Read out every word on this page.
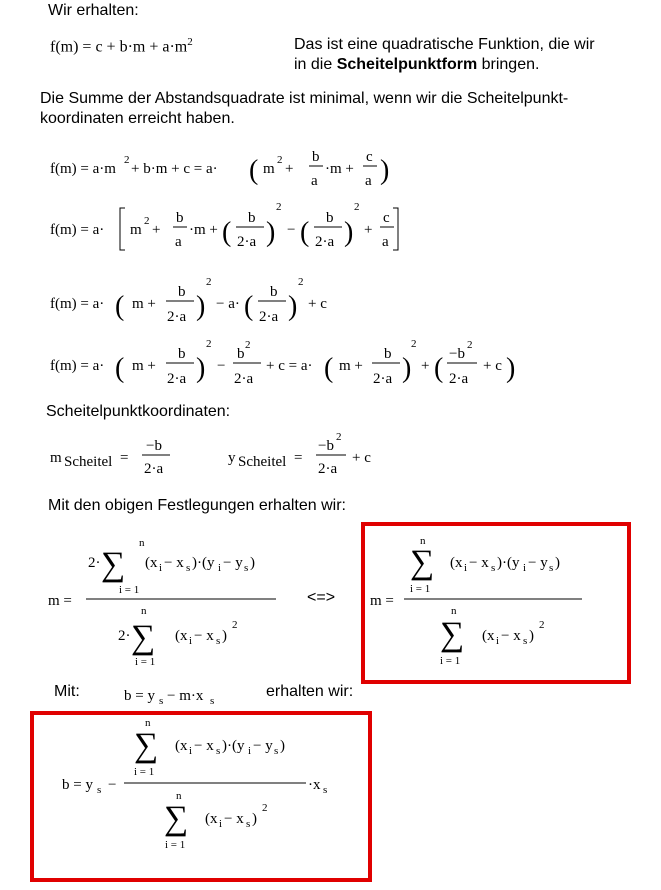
Wir erhalten:
$f(m) = c + b\cdot m + a\cdot m^2$	Das ist eine quadratische Funktion, die wir
in die Scheitelpunktform bringen.
Die Summe der Abstandsquadrate ist minimal, wenn wir die Scheitelpunkt-
koordinaten erreicht haben.
Scheitelpunktkoordinaten:
Mit den obigen Festlegungen erhalten wir:
<=>
Mit:	erhalten wir:
f(m) = a·m
2
+ b·m + c = a· ( m
2
+
b
a
·m +
c
a )
f(m) = a· m
2
+
b
a
·m + ( b
2·a )
2
− ( b
2·a )
2
+
c
a
f(m) = a· ( m +
b
2·a )
2
− a· ( b
2·a )
2
+ c
f(m) = a· ( m +
b
2·a )
2
−
b
2
2·a
+ c = a· ( m +
b
2·a )
2
+ ( −b
2
2·a
+ c )
m Scheitel =
−b
2·a
y Scheitel =
−b
2
2·a
+ c
m =
n
2· ∑
i = 1
(x i − x s )·(y i − y s )
n
2· ∑
i = 1
(x i − x s )
2
m =
n
∑
i = 1
(x i − x s )·(y i − y s )
n
∑
i = 1
(x i − x s )
2
b = y s − m·x s
b = y s −
n
∑
i = 1
(x i − x s )·(y i − y s )
·x s
n
∑
i = 1
(x i − x s )
2
